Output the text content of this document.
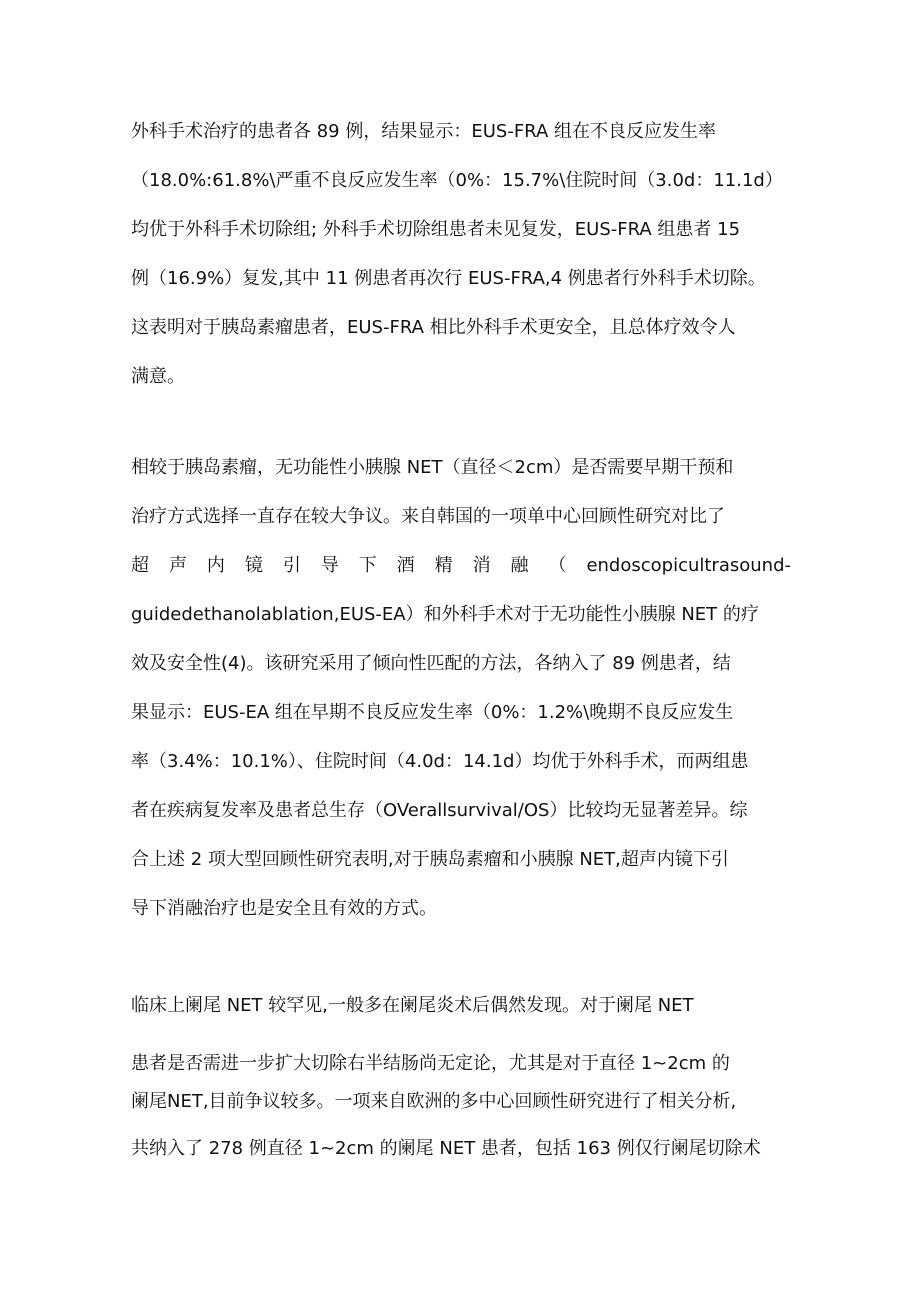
外科手术治疗的患者各 89 例，结果显示：EUS-FRA 组在不良反应发生率
（18.0%:61.8%\严重不良反应发生率（0%：15.7%\住院时间（3.0d：11.1d）
均优于外科手术切除组; 外科手术切除组患者未见复发，EUS-FRA 组患者 15
例（16.9%）复发,其中 11 例患者再次行 EUS-FRA,4 例患者行外科手术切除。
这表明对于胰岛素瘤患者，EUS-FRA 相比外科手术更安全，且总体疗效令人
满意。
相较于胰岛素瘤，无功能性小胰腺 NET（直径＜2cm）是否需要早期干预和
治疗方式选择一直存在较大争议。来自韩国的一项单中心回顾性研究对比了
超 声 内 镜 引 导 下 酒 精 消 融 （ endoscopicultrasound-
guidedethanolablation,EUS-EA）和外科手术对于无功能性小胰腺 NET 的疗
效及安全性(4)。该研究采用了倾向性匹配的方法，各纳入了 89 例患者，结
果显示：EUS-EA 组在早期不良反应发生率（0%：1.2%\晚期不良反应发生
率（3.4%：10.1%）、住院时间（4.0d：14.1d）均优于外科手术，而两组患
者在疾病复发率及患者总生存（OVerallsurvival/OS）比较均无显著差异。综
合上述 2 项大型回顾性研究表明,对于胰岛素瘤和小胰腺 NET,超声内镜下引
导下消融治疗也是安全且有效的方式。
临床上阑尾 NET 较罕见,一般多在阑尾炎术后偶然发现。对于阑尾 NET
患者是否需进一步扩大切除右半结肠尚无定论，尤其是对于直径 1~2cm 的
阑尾NET,目前争议较多。一项来自欧洲的多中心回顾性研究进行了相关分析,
共纳入了 278 例直径 1~2cm 的阑尾 NET 患者，包括 163 例仅行阑尾切除术
